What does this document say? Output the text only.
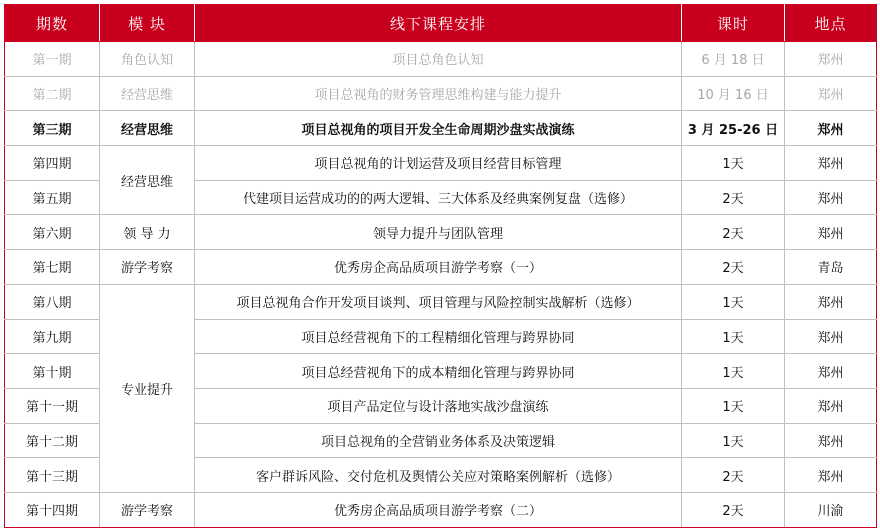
期数	模 块	线下课程安排	课时	地点
第一期	角色认知	项目总角色认知	6 月 18 日	郑州
第二期	经营思维	项目总视角的财务管理思维构建与能力提升	10 月 16 日	郑州
第三期	经营思维	项目总视角的项目开发全生命周期沙盘实战演练	3 月 25-26 日	郑州
第四期	经营思维	项目总视角的计划运营及项目经营目标管理	1天	郑州
第五期		代建项目运营成功的的两大逻辑、三大体系及经典案例复盘（选修）	2天	郑州
第六期	领 导 力	领导力提升与团队管理	2天	郑州
第七期	游学考察	优秀房企高品质项目游学考察（一）	2天	青岛
第八期	专业提升	项目总视角合作开发项目谈判、项目管理与风险控制实战解析（选修）	1天	郑州
第九期		项目总经营视角下的工程精细化管理与跨界协同	1天	郑州
第十期		项目总经营视角下的成本精细化管理与跨界协同	1天	郑州
第十一期		项目产品定位与设计落地实战沙盘演练	1天	郑州
第十二期		项目总视角的全营销业务体系及决策逻辑	1天	郑州
第十三期		客户群诉风险、交付危机及舆情公关应对策略案例解析（选修）	2天	郑州
第十四期	游学考察	优秀房企高品质项目游学考察（二）	2天	川渝
